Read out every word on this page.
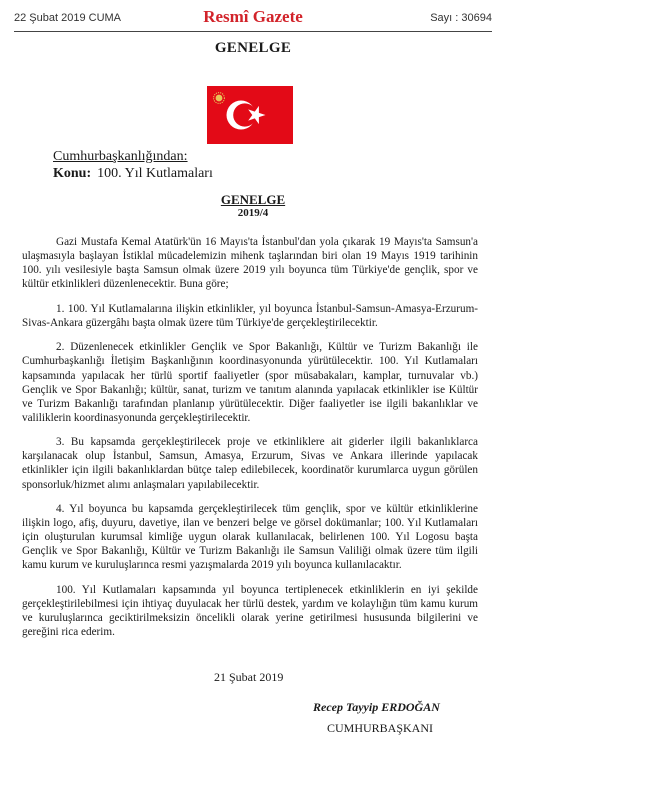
22 Şubat 2019 CUMA	Resmî Gazete	Sayı : 30694
GENELGE
Cumhurbaşkanlığından:
Konu: 100. Yıl Kutlamaları
GENELGE
2019/4

Gazi Mustafa Kemal Atatürk'ün 16 Mayıs'ta İstanbul'dan yola çıkarak 19 Mayıs'ta Samsun'a ulaşmasıyla başlayan İstiklal mücadelemizin mihenk taşlarından biri olan 19 Mayıs 1919 tarihinin 100. yılı vesilesiyle başta Samsun olmak üzere 2019 yılı boyunca tüm Türkiye'de gençlik, spor ve kültür etkinlikleri düzenlenecektir. Buna göre;

1. 100. Yıl Kutlamalarına ilişkin etkinlikler, yıl boyunca İstanbul-Samsun-Amasya-Erzurum-Sivas-Ankara güzergâhı başta olmak üzere tüm Türkiye'de gerçekleştirilecektir.

2. Düzenlenecek etkinlikler Gençlik ve Spor Bakanlığı, Kültür ve Turizm Bakanlığı ile Cumhurbaşkanlığı İletişim Başkanlığının koordinasyonunda yürütülecektir. 100. Yıl Kutlamaları kapsamında yapılacak her türlü sportif faaliyetler (spor müsabakaları, kamplar, turnuvalar vb.) Gençlik ve Spor Bakanlığı; kültür, sanat, turizm ve tanıtım alanında yapılacak etkinlikler ise Kültür ve Turizm Bakanlığı tarafından planlanıp yürütülecektir. Diğer faaliyetler ise ilgili bakanlıklar ve valiliklerin koordinasyonunda gerçekleştirilecektir.

3. Bu kapsamda gerçekleştirilecek proje ve etkinliklere ait giderler ilgili bakanlıklarca karşılanacak olup İstanbul, Samsun, Amasya, Erzurum, Sivas ve Ankara illerinde yapılacak etkinlikler için ilgili bakanlıklardan bütçe talep edilebilecek, koordinatör kurumlarca uygun görülen sponsorluk/hizmet alımı anlaşmaları yapılabilecektir.

4. Yıl boyunca bu kapsamda gerçekleştirilecek tüm gençlik, spor ve kültür etkinliklerine ilişkin logo, afiş, duyuru, davetiye, ilan ve benzeri belge ve görsel dokümanlar; 100. Yıl Kutlamaları için oluşturulan kurumsal kimliğe uygun olarak kullanılacak, belirlenen 100. Yıl Logosu başta Gençlik ve Spor Bakanlığı, Kültür ve Turizm Bakanlığı ile Samsun Valiliği olmak üzere tüm ilgili kamu kurum ve kuruluşlarınca resmi yazışmalarda 2019 yılı boyunca kullanılacaktır.

100. Yıl Kutlamaları kapsamında yıl boyunca tertiplenecek etkinliklerin en iyi şekilde gerçekleştirilebilmesi için ihtiyaç duyulacak her türlü destek, yardım ve kolaylığın tüm kamu kurum ve kuruluşlarınca geciktirilmeksizin öncelikli olarak yerine getirilmesi hususunda bilgilerini ve gereğini rica ederim.

21 Şubat 2019
Recep Tayyip ERDOĞAN
CUMHURBAŞKANI
